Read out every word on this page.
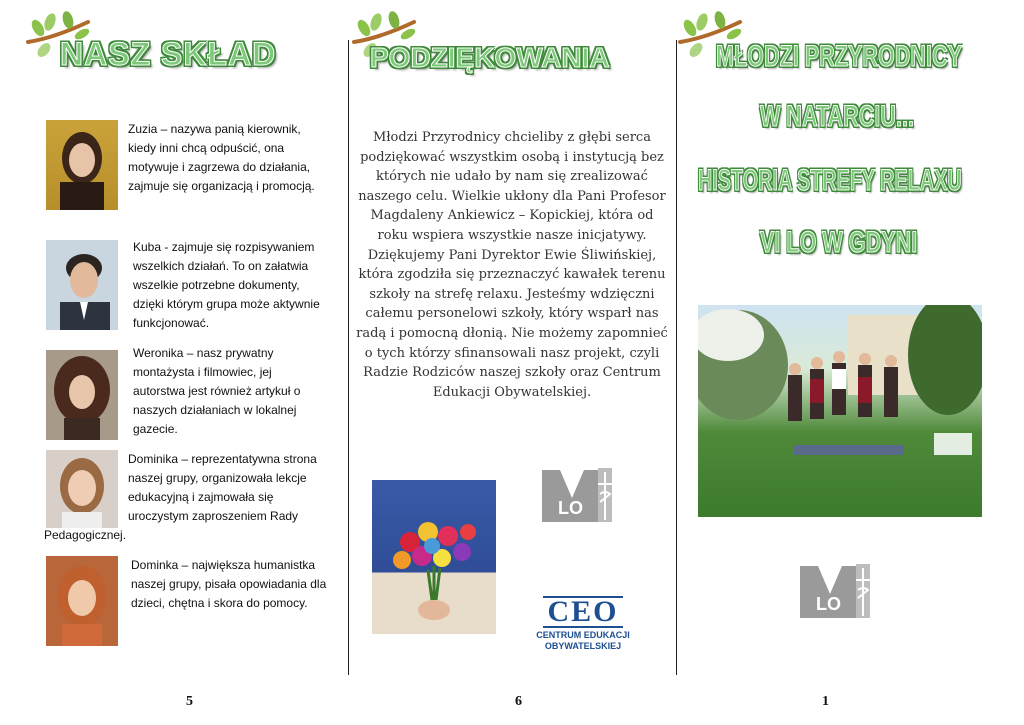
NASZ SKŁAD
Zuzia – nazywa panią kierownik, kiedy inni chcą odpuścić, ona motywuje i zagrzewa do działania, zajmuje się organizacją i promocją.
Kuba - zajmuje się rozpisywaniem wszelkich działań. To on załatwia wszelkie potrzebne dokumenty, dzięki którym grupa może aktywnie funkcjonować.
Weronika – nasz prywatny montażysta i filmowiec, jej autorstwa jest również artykuł o naszych działaniach w lokalnej gazecie.
Dominika – reprezentatywna strona naszej grupy, organizowała lekcje edukacyjną i zajmowała się uroczystym zaproszeniem Rady
Pedagogicznej.
Dominka – największa humanistka naszej grupy, pisała opowiadania dla dzieci, chętna i skora do pomocy.
5
PODZIĘKOWANIA
Młodzi Przyrodnicy chcieliby z głębi serca
podziękować wszystkim osobą i instytucją bez
których nie udało by nam się zrealizować
naszego celu. Wielkie ukłony dla Pani Profesor
Magdaleny Ankiewicz – Kopickiej, która od
roku wspiera wszystkie nasze inicjatywy.
Dziękujemy Pani Dyrektor Ewie Śliwińskiej,
która zgodziła się przeznaczyć kawałek terenu
szkoły na strefę relaxu. Jesteśmy wdzięczni
całemu personelowi szkoły, który wsparł nas
radą i pomocną dłonią. Nie możemy zapomnieć
o tych którzy sfinansowali nasz projekt, czyli
Radzie Rodziców naszej szkoły oraz Centrum
Edukacji Obywatelskiej.
LO
CEO
CENTRUM EDUKACJI
OBYWATELSKIEJ
6
MŁODZI PRZYRODNICY
W NATARCIU...
HISTORIA STREFY RELAXU
VI LO W GDYNI
LO
1
